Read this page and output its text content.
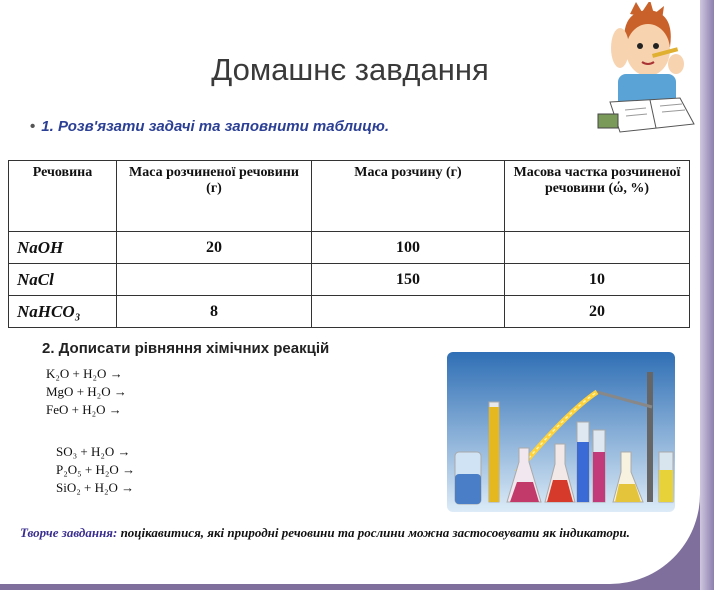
Домашнє завдання
• 1. Розв'язати задачі та заповнити таблицю.
Речовина	Маса розчиненої речовини (г)	Маса розчину (г)	Масова частка розчиненої речовини (ώ, %)
NaOH	20	100	
NaCl		150	10
NaHCO₃	8		20
2. Дописати рівняння хімічних реакцій
K₂O + H₂O →
MgO + H₂O →
FeO + H₂O →
SO₃ + H₂O →
P₂O₅ + H₂O →
SiO₂ + H₂O →
Творче завдання: поцікавитися, які природні речовини та рослини можна застосовувати як індикатори.
